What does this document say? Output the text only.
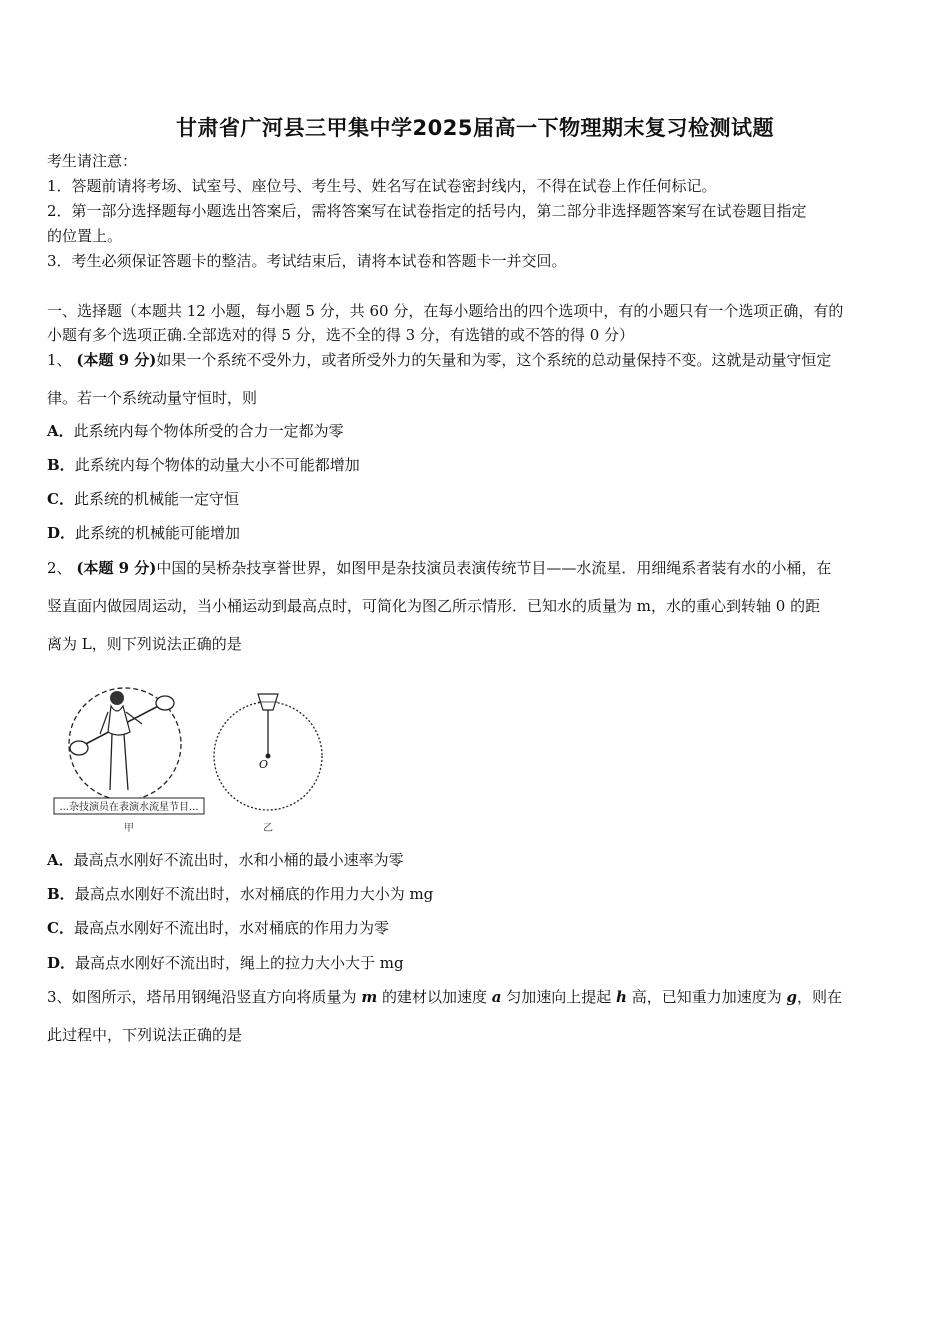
甘肃省广河县三甲集中学2025届高一下物理期末复习检测试题
考生请注意：
1．答题前请将考场、试室号、座位号、考生号、姓名写在试卷密封线内，不得在试卷上作任何标记。
2．第一部分选择题每小题选出答案后，需将答案写在试卷指定的括号内，第二部分非选择题答案写在试卷题目指定
的位置上。
3．考生必须保证答题卡的整洁。考试结束后，请将本试卷和答题卡一并交回。
一、选择题（本题共 12 小题，每小题 5 分，共 60 分，在每小题给出的四个选项中，有的小题只有一个选项正确，有的
小题有多个选项正确.全部选对的得 5 分，选不全的得 3 分，有选错的或不答的得 0 分）
1、 (本题 9 分)如果一个系统不受外力，或者所受外力的矢量和为零，这个系统的总动量保持不变。这就是动量守恒定
律。若一个系统动量守恒时，则
A．此系统内每个物体所受的合力一定都为零
B．此系统内每个物体的动量大小不可能都增加
C．此系统的机械能一定守恒
D．此系统的机械能可能增加
2、 (本题 9 分)中国的吴桥杂技享誉世界，如图甲是杂技演员表演传统节目——水流星．用细绳系者装有水的小桶，在
竖直面内做园周运动，当小桶运动到最高点时，可简化为图乙所示情形．已知水的质量为 m，水的重心到转轴 0 的距
离为 L，则下列说法正确的是
...杂技演员在表演水流星节目...
甲
O
乙
A．最高点水刚好不流出时，水和小桶的最小速率为零
B．最高点水刚好不流出时，水对桶底的作用力大小为 mg
C．最高点水刚好不流出时，水对桶底的作用力为零
D．最高点水刚好不流出时，绳上的拉力大小大于 mg
3、如图所示，塔吊用钢绳沿竖直方向将质量为 m 的建材以加速度 a 匀加速向上提起 h 高，已知重力加速度为 g，则在
此过程中，下列说法正确的是
